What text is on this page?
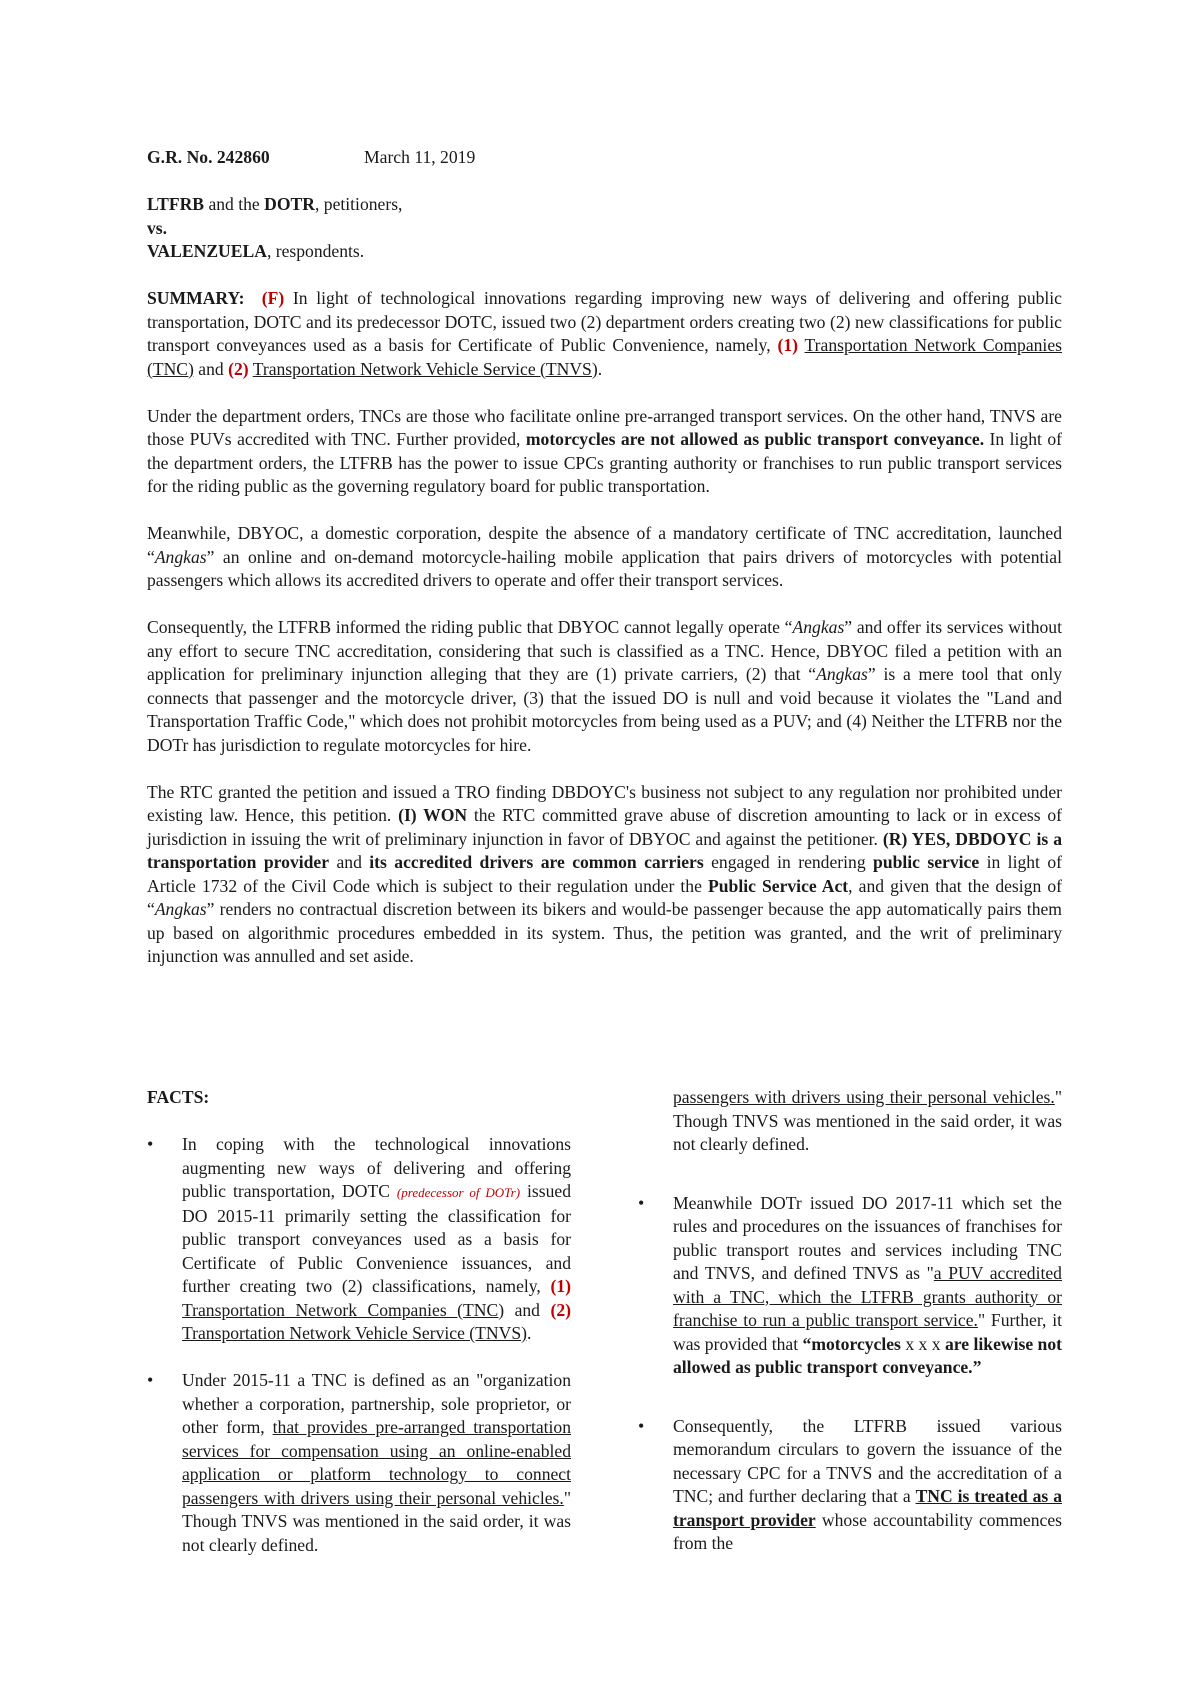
G.R. No. 242860	March 11, 2019

LTFRB and the DOTR, petitioners,

vs.

VALENZUELA, respondents.

SUMMARY: (F) In light of technological innovations regarding improving new ways of delivering and offering public transportation, DOTC and its predecessor DOTC, issued two (2) department orders creating two (2) new classifications for public transport conveyances used as a basis for Certificate of Public Convenience, namely, (1) Transportation Network Companies (TNC) and (2) Transportation Network Vehicle Service (TNVS).

Under the department orders, TNCs are those who facilitate online pre-arranged transport services. On the other hand, TNVS are those PUVs accredited with TNC. Further provided, motorcycles are not allowed as public transport conveyance. In light of the department orders, the LTFRB has the power to issue CPCs granting authority or franchises to run public transport services for the riding public as the governing regulatory board for public transportation.

Meanwhile, DBYOC, a domestic corporation, despite the absence of a mandatory certificate of TNC accreditation, launched “Angkas” an online and on-demand motorcycle-hailing mobile application that pairs drivers of motorcycles with potential passengers which allows its accredited drivers to operate and offer their transport services.

Consequently, the LTFRB informed the riding public that DBYOC cannot legally operate “Angkas” and offer its services without any effort to secure TNC accreditation, considering that such is classified as a TNC. Hence, DBYOC filed a petition with an application for preliminary injunction alleging that they are (1) private carriers, (2) that “Angkas” is a mere tool that only connects that passenger and the motorcycle driver, (3) that the issued DO is null and void because it violates the "Land and Transportation Traffic Code," which does not prohibit motorcycles from being used as a PUV; and (4) Neither the LTFRB nor the DOTr has jurisdiction to regulate motorcycles for hire.

The RTC granted the petition and issued a TRO finding DBDOYC's business not subject to any regulation nor prohibited under existing law. Hence, this petition. (I) WON the RTC committed grave abuse of discretion amounting to lack or in excess of jurisdiction in issuing the writ of preliminary injunction in favor of DBYOC and against the petitioner. (R) YES, DBDOYC is a transportation provider and its accredited drivers are common carriers engaged in rendering public service in light of Article 1732 of the Civil Code which is subject to their regulation under the Public Service Act, and given that the design of “Angkas” renders no contractual discretion between its bikers and would-be passenger because the app automatically pairs them up based on algorithmic procedures embedded in its system. Thus, the petition was granted, and the writ of preliminary injunction was annulled and set aside.

FACTS:

• In coping with the technological innovations augmenting new ways of delivering and offering public transportation, DOTC (predecessor of DOTr) issued DO 2015-11 primarily setting the classification for public transport conveyances used as a basis for Certificate of Public Convenience issuances, and further creating two (2) classifications, namely, (1) Transportation Network Companies (TNC) and (2) Transportation Network Vehicle Service (TNVS).
• Under 2015-11 a TNC is defined as an "organization whether a corporation, partnership, sole proprietor, or other form, that provides pre-arranged transportation services for compensation using an online-enabled application or platform technology to connect passengers with drivers using their personal vehicles." Though TNVS was mentioned in the said order, it was not clearly defined.
passengers with drivers using their personal vehicles." Though TNVS was mentioned in the said order, it was not clearly defined.
• Meanwhile DOTr issued DO 2017-11 which set the rules and procedures on the issuances of franchises for public transport routes and services including TNC and TNVS, and defined TNVS as "a PUV accredited with a TNC, which the LTFRB grants authority or franchise to run a public transport service." Further, it was provided that “motorcycles x x x are likewise not allowed as public transport conveyance.”
• Consequently, the LTFRB issued various memorandum circulars to govern the issuance of the necessary CPC for a TNVS and the accreditation of a TNC; and further declaring that a TNC is treated as a transport provider whose accountability commences from the
